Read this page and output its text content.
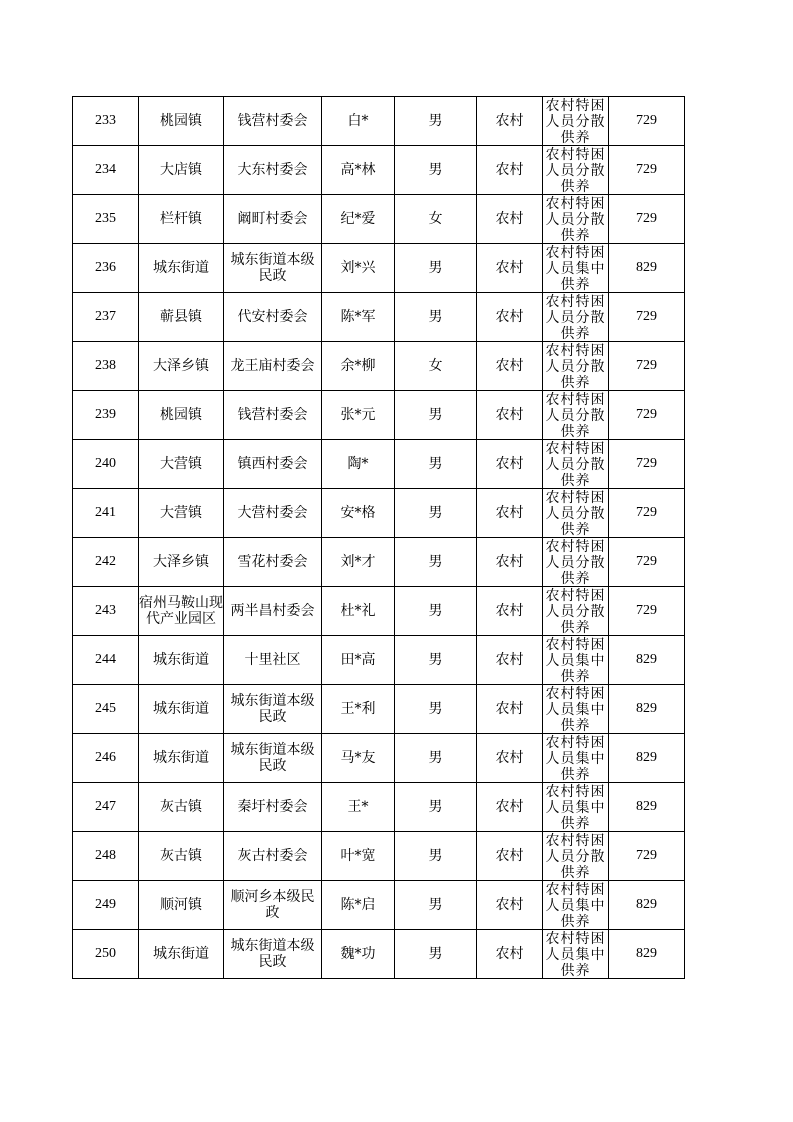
233	桃园镇	钱营村委会	白*	男	农村	农村特困人员分散供养	729
234	大店镇	大东村委会	高*林	男	农村	农村特困人员分散供养	729
235	栏杆镇	阚町村委会	纪*爱	女	农村	农村特困人员分散供养	729
236	城东街道	城东街道本级民政	刘*兴	男	农村	农村特困人员集中供养	829
237	蕲县镇	代安村委会	陈*军	男	农村	农村特困人员分散供养	729
238	大泽乡镇	龙王庙村委会	余*柳	女	农村	农村特困人员分散供养	729
239	桃园镇	钱营村委会	张*元	男	农村	农村特困人员分散供养	729
240	大营镇	镇西村委会	陶*	男	农村	农村特困人员分散供养	729
241	大营镇	大营村委会	安*格	男	农村	农村特困人员分散供养	729
242	大泽乡镇	雪花村委会	刘*才	男	农村	农村特困人员分散供养	729
243	宿州马鞍山现代产业园区	两半昌村委会	杜*礼	男	农村	农村特困人员分散供养	729
244	城东街道	十里社区	田*高	男	农村	农村特困人员集中供养	829
245	城东街道	城东街道本级民政	王*利	男	农村	农村特困人员集中供养	829
246	城东街道	城东街道本级民政	马*友	男	农村	农村特困人员集中供养	829
247	灰古镇	秦圩村委会	王*	男	农村	农村特困人员集中供养	829
248	灰古镇	灰古村委会	叶*宽	男	农村	农村特困人员分散供养	729
249	顺河镇	顺河乡本级民政	陈*启	男	农村	农村特困人员集中供养	829
250	城东街道	城东街道本级民政	魏*功	男	农村	农村特困人员集中供养	829
